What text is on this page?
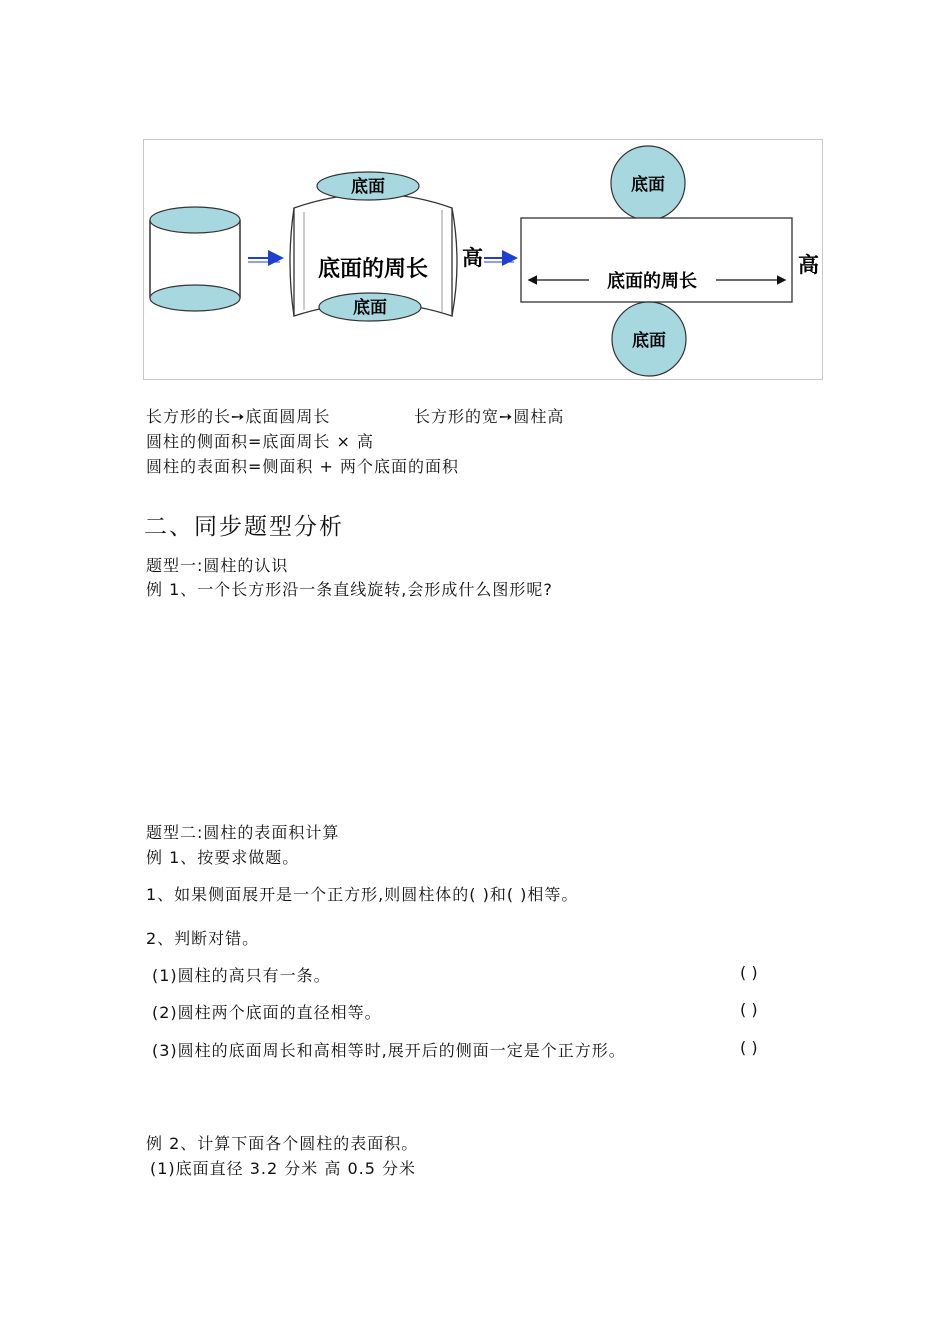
底面
底面
底面的周长 高
底面
底面
底面的周长
高
长方形的长➙底面圆周长	长方形的宽➙圆柱高
圆柱的侧面积=底面周长 × 高
圆柱的表面积=侧面积 + 两个底面的面积
二、同步题型分析
题型一:圆柱的认识
例 1、一个长方形沿一条直线旋转,会形成什么图形呢?
题型二:圆柱的表面积计算
例 1、按要求做题。
1、如果侧面展开是一个正方形,则圆柱体的( )和( )相等。
2、判断对错。
(1)圆柱的高只有一条。	( )
(2)圆柱两个底面的直径相等。	( )
(3)圆柱的底面周长和高相等时,展开后的侧面一定是个正方形。	( )
例 2、计算下面各个圆柱的表面积。
(1)底面直径 3.2 分米 高 0.5 分米
